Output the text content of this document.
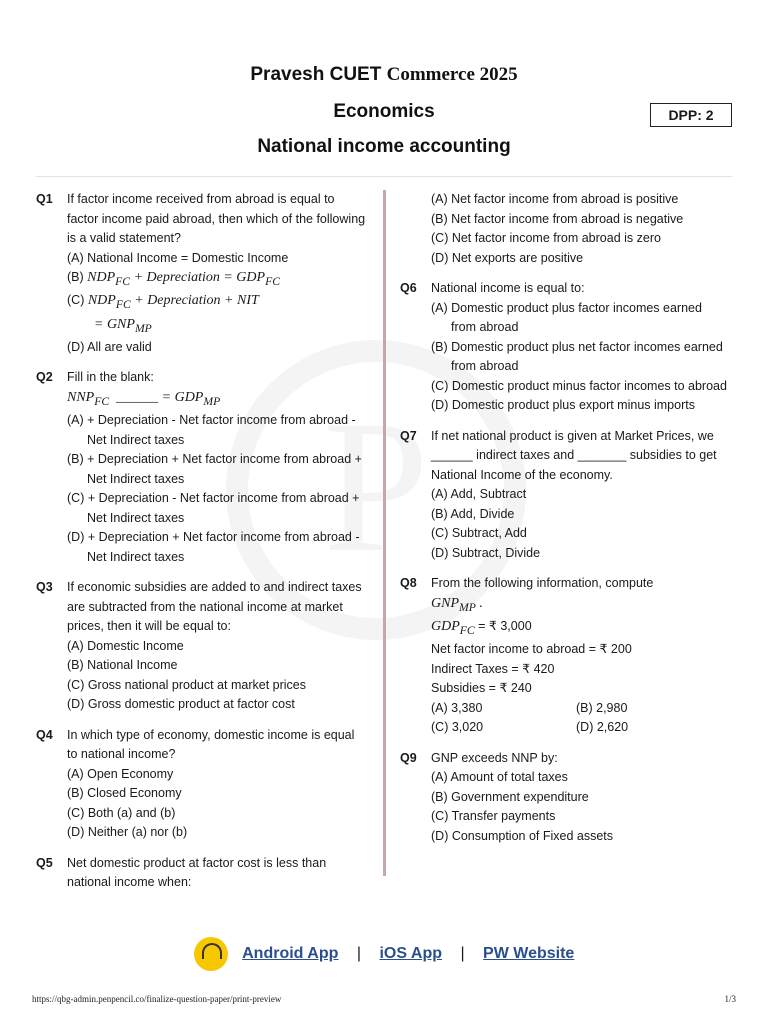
Pravesh CUET Commerce 2025
Economics
National income accounting
DPP: 2
Q1 If factor income received from abroad is equal to factor income paid abroad, then which of the following is a valid statement?
(A) National Income = Domestic Income
(B) $NDP_{FC}$ + Depreciation = $GDP_{FC}$
(C) $NDP_{FC}$ + Depreciation + NIT
= $GNP_{MP}$
(D) All are valid
Q2 Fill in the blank:
$NNP_{FC}$  ______ = $GDP_{MP}$
(A) + Depreciation - Net factor income from abroad - Net Indirect taxes
(B) + Depreciation + Net factor income from abroad + Net Indirect taxes
(C) + Depreciation - Net factor income from abroad + Net Indirect taxes
(D) + Depreciation + Net factor income from abroad - Net Indirect taxes
Q3 If economic subsidies are added to and indirect taxes are subtracted from the national income at market prices, then it will be equal to:
(A) Domestic Income
(B) National Income
(C) Gross national product at market prices
(D) Gross domestic product at factor cost
Q4 In which type of economy, domestic income is equal to national income?
(A) Open Economy
(B) Closed Economy
(C) Both (a) and (b)
(D) Neither (a) nor (b)
Q5 Net domestic product at factor cost is less than national income when:
(A) Net factor income from abroad is positive
(B) Net factor income from abroad is negative
(C) Net factor income from abroad is zero
(D) Net exports are positive
Q6 National income is equal to:
(A) Domestic product plus factor incomes earned from abroad
(B) Domestic product plus net factor incomes earned from abroad
(C) Domestic product minus factor incomes to abroad
(D) Domestic product plus export minus imports
Q7 If net national product is given at Market Prices, we ______ indirect taxes and _______ subsidies to get National Income of the economy.
(A) Add, Subtract
(B) Add, Divide
(C) Subtract, Add
(D) Subtract, Divide
Q8 From the following information, compute
$GNP_{MP}$ .
$GDP_{FC}$ = ₹ 3,000
Net factor income to abroad = ₹ 200
Indirect Taxes = ₹ 420
Subsidies = ₹ 240
(A) 3,380	(B) 2,980
(C) 3,020	(D) 2,620
Q9 GNP exceeds NNP by:
(A) Amount of total taxes
(B) Government expenditure
(C) Transfer payments
(D) Consumption of Fixed assets
Android App | iOS App | PW Website
https://qbg-admin.penpencil.co/finalize-question-paper/print-preview	1/3
